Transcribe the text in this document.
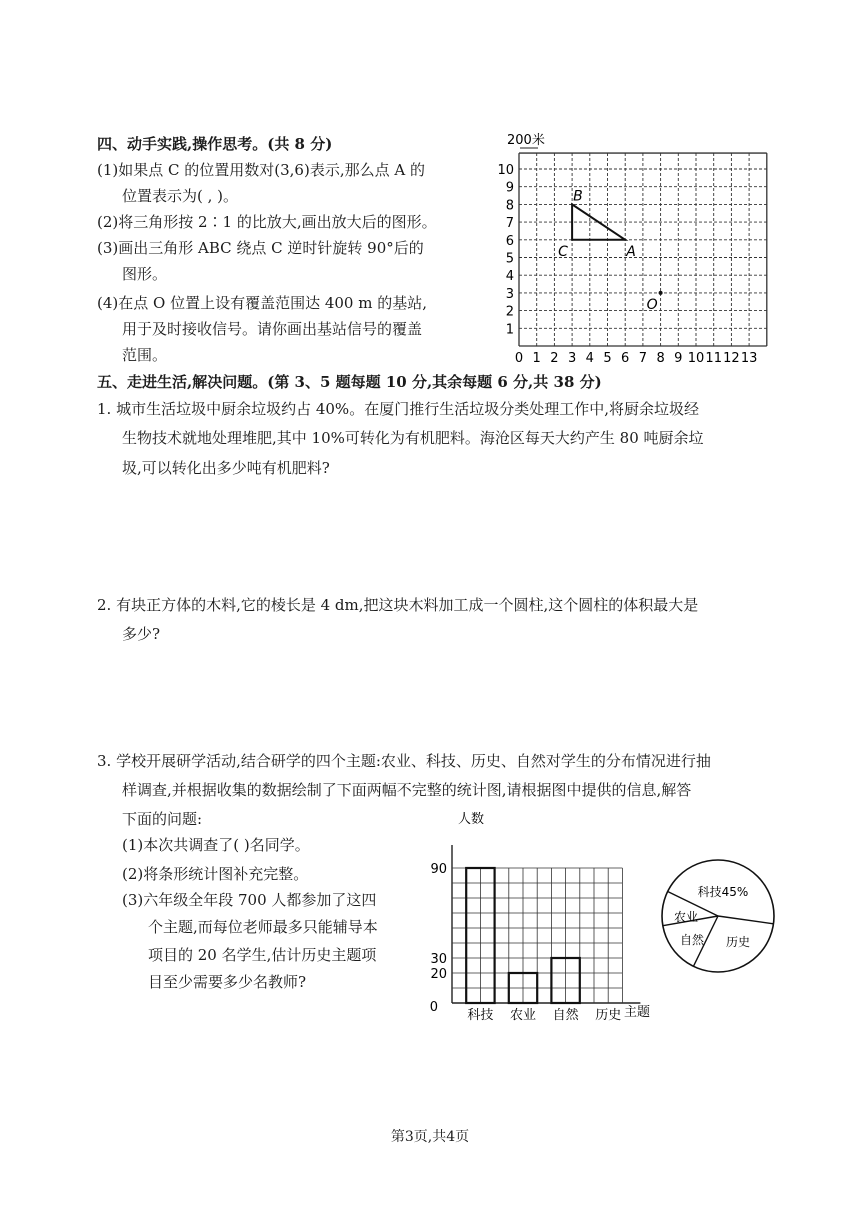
四、动手实践,操作思考。(共 8 分)
(1)如果点 C 的位置用数对(3,6)表示,那么点 A 的
位置表示为( , )。
(2)将三角形按 2∶1 的比放大,画出放大后的图形。
(3)画出三角形 ABC 绕点 C 逆时针旋转 90°后的
图形。
(4)在点 O 位置上设有覆盖范围达 400 m 的基站,
用于及时接收信号。请你画出基站信号的覆盖
范围。	0 1 2 3 4 5 6 7 8 9 10 11 12 13
1
2
3
4
5
6
7
8
9
10
200米
A
B
C
O
五、走进生活,解决问题。(第 3、5 题每题 10 分,其余每题 6 分,共 38 分)
1. 城市生活垃圾中厨余垃圾约占 40%。在厦门推行生活垃圾分类处理工作中,将厨余垃圾经
生物技术就地处理堆肥,其中 10%可转化为有机肥料。海沧区每天大约产生 80 吨厨余垃
圾,可以转化出多少吨有机肥料?
2. 有块正方体的木料,它的棱长是 4 dm,把这块木料加工成一个圆柱,这个圆柱的体积最大是
多少?
3. 学校开展研学活动,结合研学的四个主题:农业、科技、历史、自然对学生的分布情况进行抽
样调查,并根据收集的数据绘制了下面两幅不完整的统计图,请根据图中提供的信息,解答
下面的问题:
(1)本次共调查了( )名同学。
(2)将条形统计图补充完整。
(3)六年级全年段 700 人都参加了这四
个主题,而每位老师最多只能辅导本
项目的 20 名学生,估计历史主题项
目至少需要多少名教师?
科技 农业 自然 历史
0
20
30
90
人数
主题
科技45%
农业
自然 历史
第3页,共4页
